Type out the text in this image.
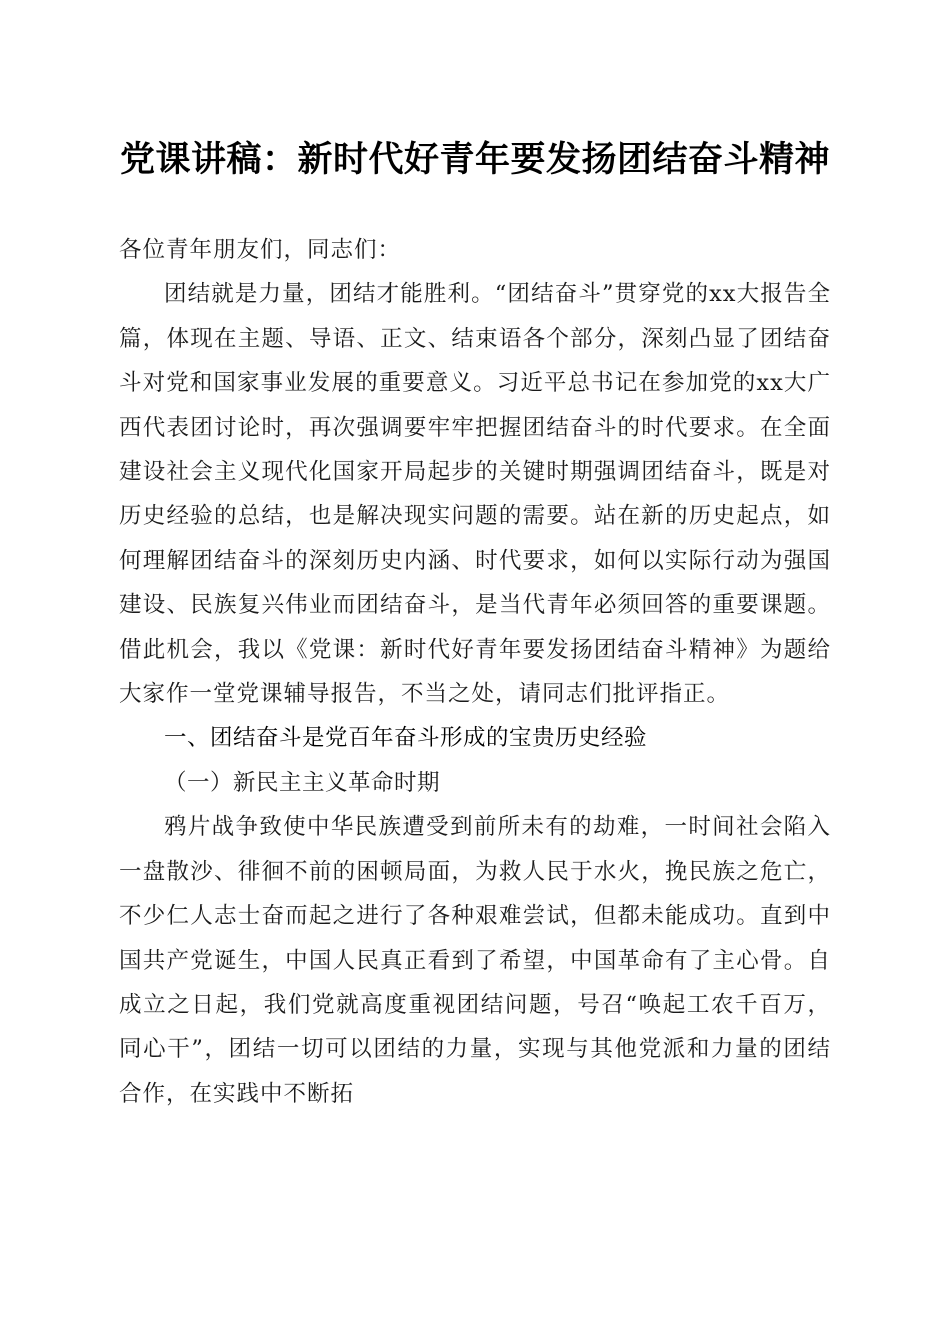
党课讲稿：新时代好青年要发扬团结奋斗精神

各位青年朋友们，同志们：

团结就是力量，团结才能胜利。“团结奋斗”贯穿党的xx大报告全篇，体现在主题、导语、正文、结束语各个部分，深刻凸显了团结奋斗对党和国家事业发展的重要意义。习近平总书记在参加党的xx大广西代表团讨论时，再次强调要牢牢把握团结奋斗的时代要求。在全面建设社会主义现代化国家开局起步的关键时期强调团结奋斗，既是对历史经验的总结，也是解决现实问题的需要。站在新的历史起点，如何理解团结奋斗的深刻历史内涵、时代要求，如何以实际行动为强国建设、民族复兴伟业而团结奋斗，是当代青年必须回答的重要课题。借此机会，我以《党课：新时代好青年要发扬团结奋斗精神》为题给大家作一堂党课辅导报告，不当之处，请同志们批评指正。

一、团结奋斗是党百年奋斗形成的宝贵历史经验

（一）新民主主义革命时期

鸦片战争致使中华民族遭受到前所未有的劫难，一时间社会陷入一盘散沙、徘徊不前的困顿局面，为救人民于水火，挽民族之危亡，不少仁人志士奋而起之进行了各种艰难尝试，但都未能成功。直到中国共产党诞生，中国人民真正看到了希望，中国革命有了主心骨。自成立之日起，我们党就高度重视团结问题，号召“唤起工农千百万，同心干”，团结一切可以团结的力量，实现与其他党派和力量的团结合作，在实践中不断拓
